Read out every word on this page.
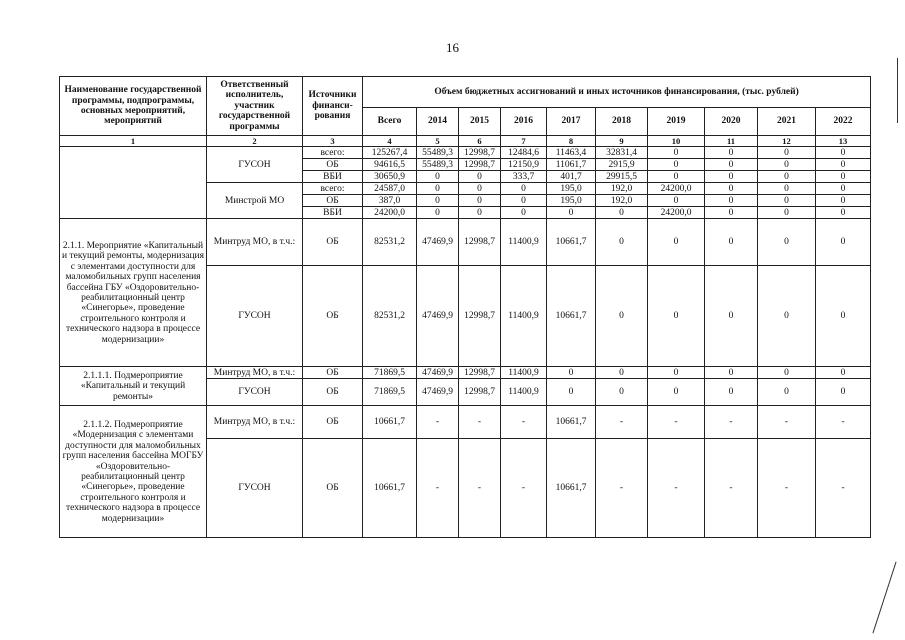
16
Наименование государственной программы, подпрограммы, основных мероприятий, мероприятий	Ответственный исполнитель, участник государственной программы	Источники финанси-рования	Объем бюджетных ассигнований и иных источников финансирования, (тыс. рублей)									
			Всего	2014	2015	2016	2017	2018	2019	2020	2021	2022
1	2	3	4	5	6	7	8	9	10	11	12	13
	ГУСОН	всего:	125267,4	55489,3	12998,7	12484,6	11463,4	32831,4	0	0	0	0
		ОБ	94616,5	55489,3	12998,7	12150,9	11061,7	2915,9	0	0	0	0
		ВБИ	30650,9	0	0	333,7	401,7	29915,5	0	0	0	0
	Минстрой МО	всего:	24587,0	0	0	0	195,0	192,0	24200,0	0	0	0
		ОБ	387,0	0	0	0	195,0	192,0	0	0	0	0
		ВБИ	24200,0	0	0	0	0	0	24200,0	0	0	0
2.1.1. Мероприятие «Капитальный и текущий ремонты, модернизация с элементами доступности для маломобильных групп населения бассейна ГБУ «Оздоровительно-реабилитационный центр «Синегорье», проведение строительного контроля и технического надзора в процессе модернизации»	Минтруд МО, в т.ч.:	ОБ	82531,2	47469,9	12998,7	11400,9	10661,7	0	0	0	0	0
	ГУСОН	ОБ	82531,2	47469,9	12998,7	11400,9	10661,7	0	0	0	0	0
2.1.1.1. Подмероприятие «Капитальный и текущий ремонты»	Минтруд МО, в т.ч.:	ОБ	71869,5	47469,9	12998,7	11400,9	0	0	0	0	0	0
	ГУСОН	ОБ	71869,5	47469,9	12998,7	11400,9	0	0	0	0	0	0
2.1.1.2. Подмероприятие «Модернизация с элементами доступности для маломобильных групп населения бассейна МОГБУ «Оздоровительно-реабилитационный центр «Синегорье», проведение строительного контроля и технического надзора в процессе модернизации»	Минтруд МО, в т.ч.:	ОБ	10661,7	-	-	-	10661,7	-	-	-	-	-
	ГУСОН	ОБ	10661,7	-	-	-	10661,7	-	-	-	-	-
